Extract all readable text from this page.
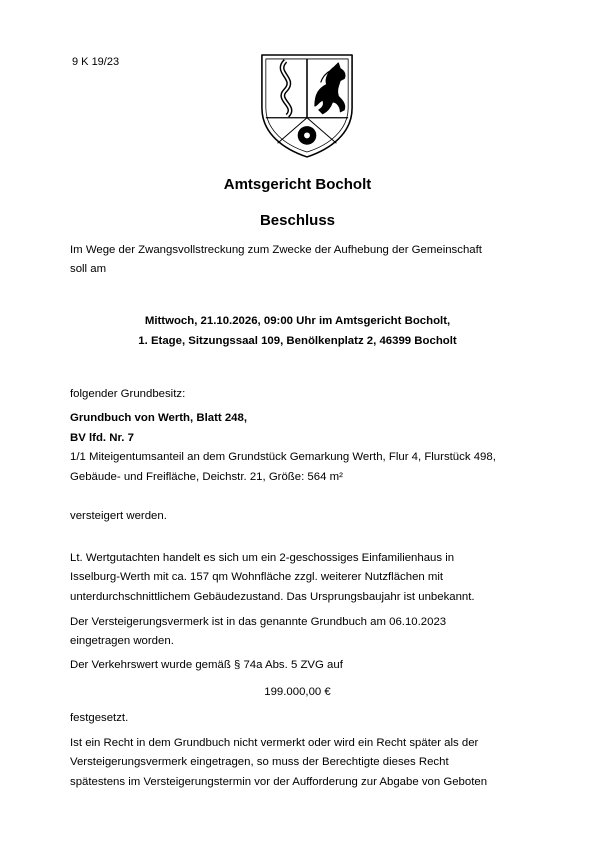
9 K 19/23
Amtsgericht Bocholt
Beschluss
Im Wege der Zwangsvollstreckung zum Zwecke der Aufhebung der Gemeinschaft
soll am
Mittwoch, 21.10.2026, 09:00 Uhr im Amtsgericht Bocholt,
1. Etage, Sitzungssaal 109, Benölkenplatz 2, 46399 Bocholt
folgender Grundbesitz:
Grundbuch von Werth, Blatt 248,
BV lfd. Nr. 7
1/1 Miteigentumsanteil an dem Grundstück Gemarkung Werth, Flur 4, Flurstück 498,
Gebäude- und Freifläche, Deichstr. 21, Größe: 564 m²
versteigert werden.
Lt. Wertgutachten handelt es sich um ein 2-geschossiges Einfamilienhaus in
Isselburg-Werth mit ca. 157 qm Wohnfläche zzgl. weiterer Nutzflächen mit
unterdurchschnittlichem Gebäudezustand. Das Ursprungsbaujahr ist unbekannt.
Der Versteigerungsvermerk ist in das genannte Grundbuch am 06.10.2023
eingetragen worden.
Der Verkehrswert wurde gemäß § 74a Abs. 5 ZVG auf
199.000,00 €
festgesetzt.
Ist ein Recht in dem Grundbuch nicht vermerkt oder wird ein Recht später als der
Versteigerungsvermerk eingetragen, so muss der Berechtigte dieses Recht
spätestens im Versteigerungstermin vor der Aufforderung zur Abgabe von Geboten
